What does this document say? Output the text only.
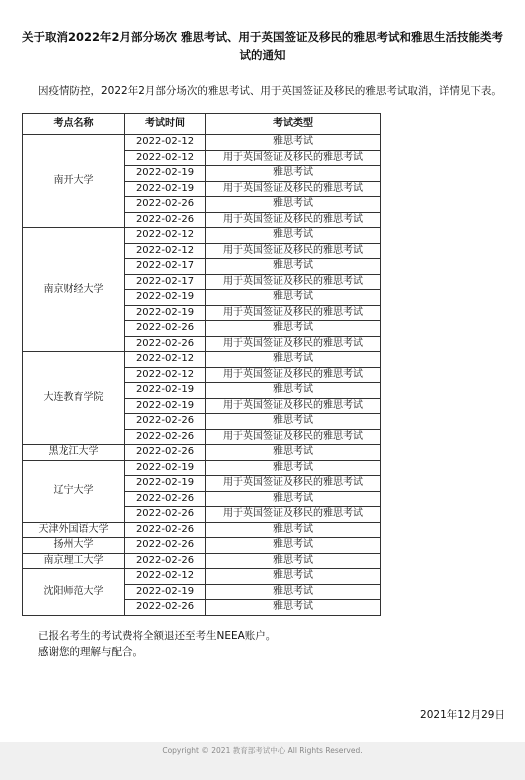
关于取消2022年2月部分场次 雅思考试、用于英国签证及移民的雅思考试和雅思生活技能类考试的通知
因疫情防控，2022年2月部分场次的雅思考试、用于英国签证及移民的雅思考试取消，详情见下表。
考点名称	考试时间	考试类型
南开大学	2022-02-12	雅思考试
	2022-02-12	用于英国签证及移民的雅思考试
	2022-02-19	雅思考试
	2022-02-19	用于英国签证及移民的雅思考试
	2022-02-26	雅思考试
	2022-02-26	用于英国签证及移民的雅思考试
南京财经大学	2022-02-12	雅思考试
	2022-02-12	用于英国签证及移民的雅思考试
	2022-02-17	雅思考试
	2022-02-17	用于英国签证及移民的雅思考试
	2022-02-19	雅思考试
	2022-02-19	用于英国签证及移民的雅思考试
	2022-02-26	雅思考试
	2022-02-26	用于英国签证及移民的雅思考试
大连教育学院	2022-02-12	雅思考试
	2022-02-12	用于英国签证及移民的雅思考试
	2022-02-19	雅思考试
	2022-02-19	用于英国签证及移民的雅思考试
	2022-02-26	雅思考试
	2022-02-26	用于英国签证及移民的雅思考试
黑龙江大学	2022-02-26	雅思考试
辽宁大学	2022-02-19	雅思考试
	2022-02-19	用于英国签证及移民的雅思考试
	2022-02-26	雅思考试
	2022-02-26	用于英国签证及移民的雅思考试
天津外国语大学	2022-02-26	雅思考试
扬州大学	2022-02-26	雅思考试
南京理工大学	2022-02-26	雅思考试
沈阳师范大学	2022-02-12	雅思考试
	2022-02-19	雅思考试
	2022-02-26	雅思考试
已报名考生的考试费将全额退还至考生NEEA账户。
感谢您的理解与配合。
2021年12月29日
Copyright © 2021 教育部考试中心 All Rights Reserved.
